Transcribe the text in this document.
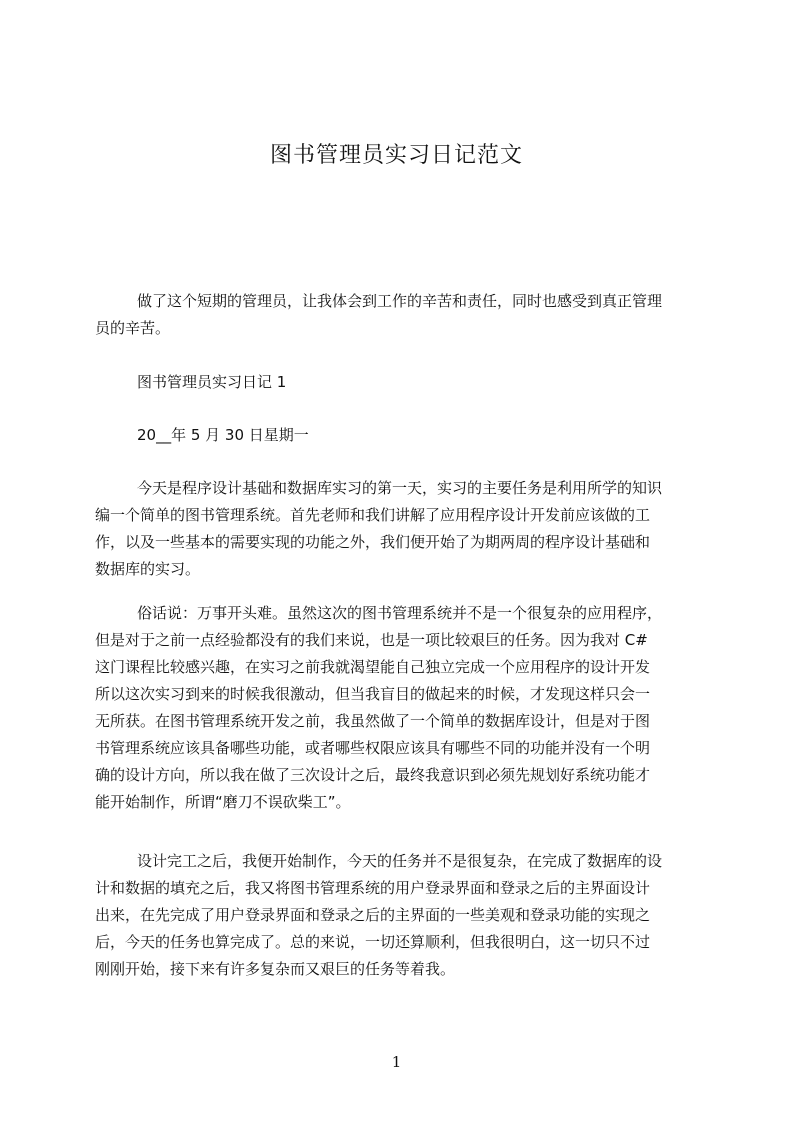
图书管理员实习日记范文
做了这个短期的管理员，让我体会到工作的辛苦和责任，同时也感受到真正管理
员的辛苦。
图书管理员实习日记 1
20__年 5 月 30 日星期一
今天是程序设计基础和数据库实习的第一天，实习的主要任务是利用所学的知识
编一个简单的图书管理系统。首先老师和我们讲解了应用程序设计开发前应该做的工
作，以及一些基本的需要实现的功能之外，我们便开始了为期两周的程序设计基础和
数据库的实习。
俗话说：万事开头难。虽然这次的图书管理系统并不是一个很复杂的应用程序，
但是对于之前一点经验都没有的我们来说，也是一项比较艰巨的任务。因为我对 C#
这门课程比较感兴趣，在实习之前我就渴望能自己独立完成一个应用程序的设计开发
所以这次实习到来的时候我很激动，但当我盲目的做起来的时候，才发现这样只会一
无所获。在图书管理系统开发之前，我虽然做了一个简单的数据库设计，但是对于图
书管理系统应该具备哪些功能，或者哪些权限应该具有哪些不同的功能并没有一个明
确的设计方向，所以我在做了三次设计之后，最终我意识到必须先规划好系统功能才
能开始制作，所谓“磨刀不误砍柴工”。
设计完工之后，我便开始制作，今天的任务并不是很复杂，在完成了数据库的设
计和数据的填充之后，我又将图书管理系统的用户登录界面和登录之后的主界面设计
出来，在先完成了用户登录界面和登录之后的主界面的一些美观和登录功能的实现之
后，今天的任务也算完成了。总的来说，一切还算顺利，但我很明白，这一切只不过
刚刚开始，接下来有许多复杂而又艰巨的任务等着我。
1
